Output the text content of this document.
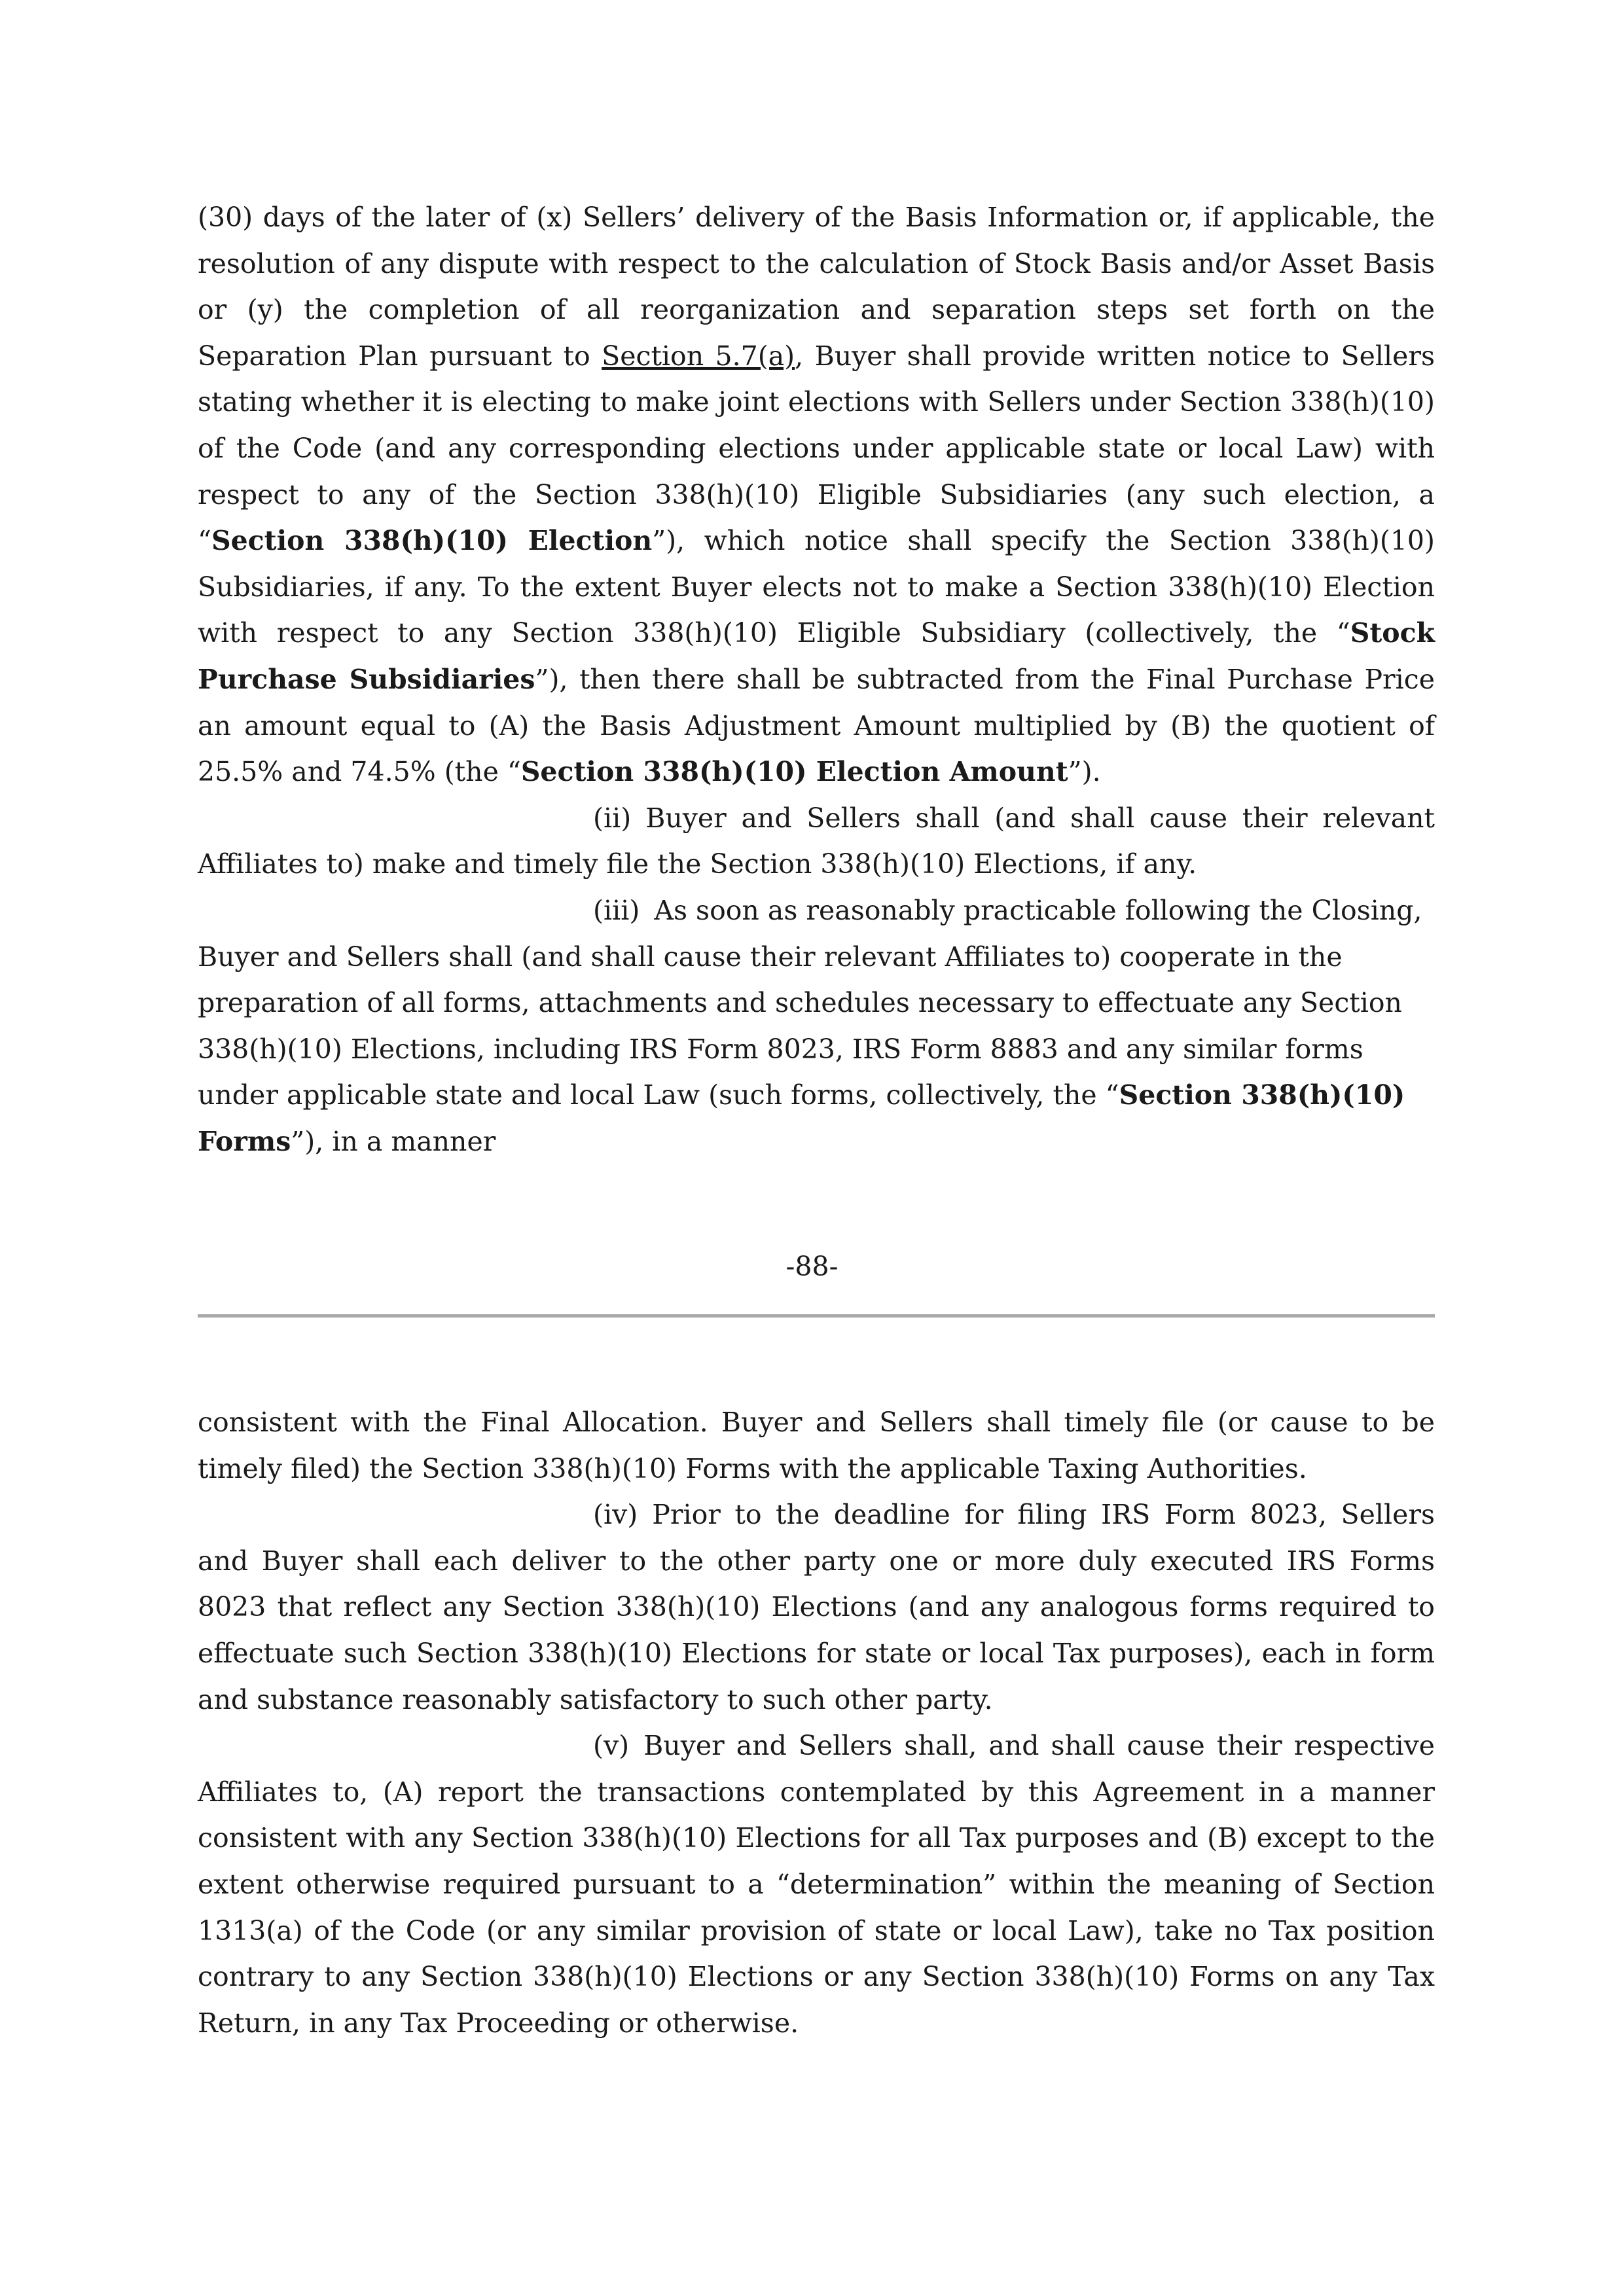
(30) days of the later of (x) Sellers’ delivery of the Basis Information or, if applicable, the resolution of any dispute with respect to the calculation of Stock Basis and/or Asset Basis or (y) the completion of all reorganization and separation steps set forth on the Separation Plan pursuant to Section 5.7(a), Buyer shall provide written notice to Sellers stating whether it is electing to make joint elections with Sellers under Section 338(h)(10) of the Code (and any corresponding elections under applicable state or local Law) with respect to any of the Section 338(h)(10) Eligible Subsidiaries (any such election, a “Section 338(h)(10) Election”), which notice shall specify the Section 338(h)(10) Subsidiaries, if any. To the extent Buyer elects not to make a Section 338(h)(10) Election with respect to any Section 338(h)(10) Eligible Subsidiary (collectively, the “Stock Purchase Subsidiaries”), then there shall be subtracted from the Final Purchase Price an amount equal to (A) the Basis Adjustment Amount multiplied by (B) the quotient of 25.5% and 74.5% (the “Section 338(h)(10) Election Amount”).

(ii) Buyer and Sellers shall (and shall cause their relevant Affiliates to) make and timely file the Section 338(h)(10) Elections, if any.

(iii) As soon as reasonably practicable following the Closing, Buyer and Sellers shall (and shall cause their relevant Affiliates to) cooperate in the preparation of all forms, attachments and schedules necessary to effectuate any Section 338(h)(10) Elections, including IRS Form 8023, IRS Form 8883 and any similar forms under applicable state and local Law (such forms, collectively, the “Section 338(h)(10) Forms”), in a manner

-88-

consistent with the Final Allocation. Buyer and Sellers shall timely file (or cause to be timely filed) the Section 338(h)(10) Forms with the applicable Taxing Authorities.

(iv) Prior to the deadline for filing IRS Form 8023, Sellers and Buyer shall each deliver to the other party one or more duly executed IRS Forms 8023 that reflect any Section 338(h)(10) Elections (and any analogous forms required to effectuate such Section 338(h)(10) Elections for state or local Tax purposes), each in form and substance reasonably satisfactory to such other party.

(v) Buyer and Sellers shall, and shall cause their respective Affiliates to, (A) report the transactions contemplated by this Agreement in a manner consistent with any Section 338(h)(10) Elections for all Tax purposes and (B) except to the extent otherwise required pursuant to a “determination” within the meaning of Section 1313(a) of the Code (or any similar provision of state or local Law), take no Tax position contrary to any Section 338(h)(10) Elections or any Section 338(h)(10) Forms on any Tax Return, in any Tax Proceeding or otherwise.
